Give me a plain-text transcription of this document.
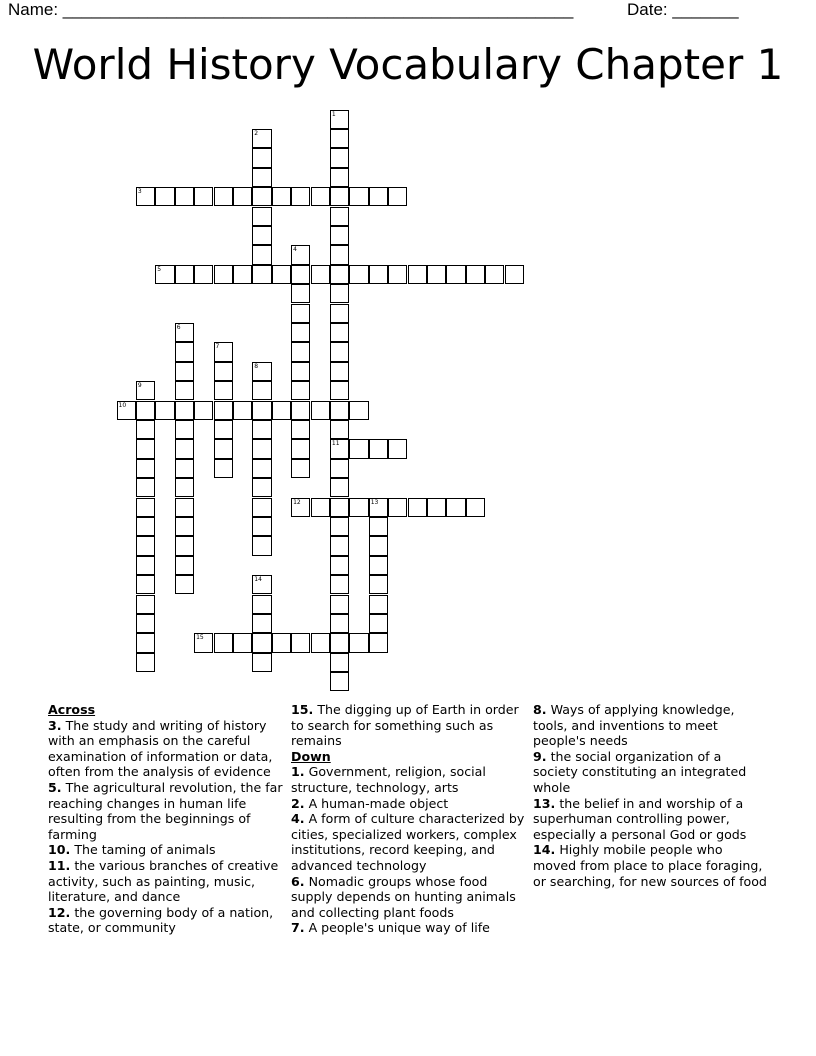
Name: ______________________________________________________	Date: _______
World History Vocabulary Chapter 1
1
11
2
3
4
5
6
7
8
9
10
12	13
14
15
Across

3. The study and writing of history with an emphasis on the careful examination of information or data, often from the analysis of evidence

5. The agricultural revolution, the far reaching changes in human life resulting from the beginnings of farming

10. The taming of animals

11. the various branches of creative activity, such as painting, music, literature, and dance

12. the governing body of a nation, state, or community

15. The digging up of Earth in order to search for something such as remains

Down

1. Government, religion, social structure, technology, arts

2. A human-made object

4. A form of culture characterized by cities, specialized workers, complex institutions, record keeping, and advanced technology

6. Nomadic groups whose food supply depends on hunting animals and collecting plant foods

7. A people's unique way of life

8. Ways of applying knowledge, tools, and inventions to meet people's needs

9. the social organization of a society constituting an integrated whole

13. the belief in and worship of a superhuman controlling power, especially a personal God or gods

14. Highly mobile people who moved from place to place foraging, or searching, for new sources of food
